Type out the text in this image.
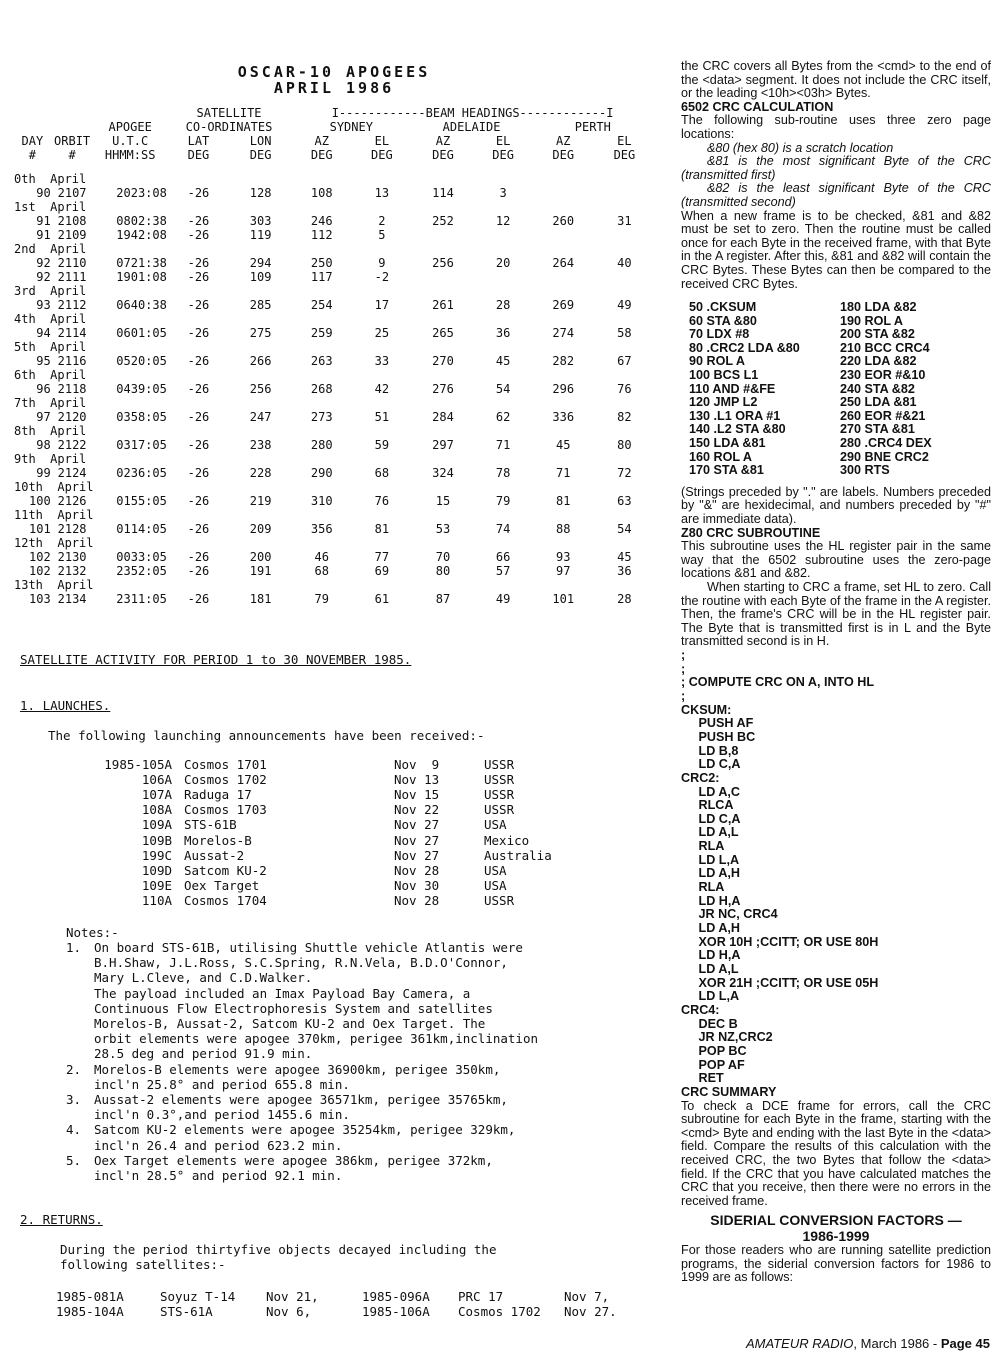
OSCAR-10 APOGEES
APRIL 1986
			SATELLITE		I------------BEAM HEADINGS------------I					
		APOGEE	CO-ORDINATES		SYDNEY		ADELAIDE		PERTH	
DAY	ORBIT	U.T.C	LAT	LON	AZ	EL	AZ	EL	AZ	EL
#	#	HHMM:SS	DEG	DEG	DEG	DEG	DEG	DEG	DEG	DEG

0th  April										
90	2107	2023:08	-26	128	108	13	114	3		
1st  April										
91	2108	0802:38	-26	303	246	2	252	12	260	31
91	2109	1942:08	-26	119	112	5				
2nd  April										
92	2110	0721:38	-26	294	250	9	256	20	264	40
92	2111	1901:08	-26	109	117	-2				
3rd  April										
93	2112	0640:38	-26	285	254	17	261	28	269	49
4th  April										
94	2114	0601:05	-26	275	259	25	265	36	274	58
5th  April										
95	2116	0520:05	-26	266	263	33	270	45	282	67
6th  April										
96	2118	0439:05	-26	256	268	42	276	54	296	76
7th  April										
97	2120	0358:05	-26	247	273	51	284	62	336	82
8th  April										
98	2122	0317:05	-26	238	280	59	297	71	45	80
9th  April										
99	2124	0236:05	-26	228	290	68	324	78	71	72
10th  April										
100	2126	0155:05	-26	219	310	76	15	79	81	63
11th  April										
101	2128	0114:05	-26	209	356	81	53	74	88	54
12th  April										
102	2130	0033:05	-26	200	46	77	70	66	93	45
102	2132	2352:05	-26	191	68	69	80	57	97	36
13th  April										
103	2134	2311:05	-26	181	79	61	87	49	101	28
SATELLITE ACTIVITY FOR PERIOD 1 to 30 NOVEMBER 1985.
1. LAUNCHES.
The following launching announcements have been received:-
1985-105A	Cosmos 1701	Nov  9	USSR
106A	Cosmos 1702	Nov 13	USSR
107A	Raduga 17	Nov 15	USSR
108A	Cosmos 1703	Nov 22	USSR
109A	STS-61B	Nov 27	USA
109B	Morelos-B	Nov 27	Mexico
199C	Aussat-2	Nov 27	Australia
109D	Satcom KU-2	Nov 28	USA
109E	Oex Target	Nov 30	USA
110A	Cosmos 1704	Nov 28	USSR
Notes:-
1.	On board STS-61B, utilising Shuttle vehicle Atlantis were
B.H.Shaw, J.L.Ross, S.C.Spring, R.N.Vela, B.D.O'Connor,
Mary L.Cleve, and C.D.Walker.
The payload included an Imax Payload Bay Camera, a
Continuous Flow Electrophoresis System and satellites
Morelos-B, Aussat-2, Satcom KU-2 and Oex Target. The
orbit elements were apogee 370km, perigee 361km,inclination
28.5 deg and period 91.9 min.
2.	Morelos-B elements were apogee 36900km, perigee 350km,
incl'n 25.8° and period 655.8 min.
3.	Aussat-2 elements were apogee 36571km, perigee 35765km,
incl'n 0.3°,and period 1455.6 min.
4.	Satcom KU-2 elements were apogee 35254km, perigee 329km,
incl'n 26.4 and period 623.2 min.
5.	Oex Target elements were apogee 386km, perigee 372km,
incl'n 28.5° and period 92.1 min.
2. RETURNS.
During the period thirtyfive objects decayed including the
following satellites:-
1985-081A	Soyuz T-14	Nov 21,	1985-096A	PRC 17	Nov 7,
1985-104A	STS-61A	Nov 6,	1985-106A	Cosmos 1702	Nov 27.

the CRC covers all Bytes from the <cmd> to the end of the <data> segment. It does not include the CRC itself, or the leading <10h><03h> Bytes.

6502 CRC CALCULATION

The following sub-routine uses three zero page locations:

&80 (hex 80) is a scratch location

&81 is the most significant Byte of the CRC (transmitted first)

&82 is the least significant Byte of the CRC (transmitted second)

When a new frame is to be checked, &81 and &82 must be set to zero. Then the routine must be called once for each Byte in the received frame, with that Byte in the A register. After this, &81 and &82 will contain the CRC Bytes. These Bytes can then be compared to the received CRC Bytes.

50 .CKSUM
60 STA &80
70 LDX #8
80 .CRC2 LDA &80
90 ROL A
100 BCS L1
110 AND #&FE
120 JMP L2
130 .L1 ORA #1
140 .L2 STA &80
150 LDA &81
160 ROL A
170 STA &81
180 LDA &82
190 ROL A
200 STA &82
210 BCC CRC4
220 LDA &82
230 EOR #&10
240 STA &82
250 LDA &81
260 EOR #&21
270 STA &81
280 .CRC4 DEX
290 BNE CRC2
300 RTS

(Strings preceded by "." are labels. Numbers preceded by "&" are hexidecimal, and numbers preceded by "#" are immediate data).

Z80 CRC SUBROUTINE

This subroutine uses the HL register pair in the same way that the 6502 subroutine uses the zero-page locations &81 and &82.

When starting to CRC a frame, set HL to zero. Call the routine with each Byte of the frame in the A register. Then, the frame's CRC will be in the HL register pair. The Byte that is transmitted first is in L and the Byte transmitted second is in H.

;
;
; COMPUTE CRC ON A, INTO HL
;
CKSUM:
PUSH AF
PUSH BC
LD B,8
LD C,A
CRC2:
LD A,C
RLCA
LD C,A
LD A,L
RLA
LD L,A
LD A,H
RLA
LD H,A
JR NC, CRC4
LD A,H
XOR 10H ;CCITT; OR USE 80H
LD H,A
LD A,L
XOR 21H ;CCITT; OR USE 05H
LD L,A
CRC4:
DEC B
JR NZ,CRC2
POP BC
POP AF
RET

CRC SUMMARY

To check a DCE frame for errors, call the CRC subroutine for each Byte in the frame, starting with the <cmd> Byte and ending with the last Byte in the <data> field. Compare the results of this calculation with the received CRC, the two Bytes that follow the <data> field. If the CRC that you have calculated matches the CRC that you receive, then there were no errors in the received frame.

SIDERIAL CONVERSION FACTORS —

1986-1999

For those readers who are running satellite prediction programs, the siderial conversion factors for 1986 to 1999 are as follows:

AMATEUR RADIO, March 1986 - Page 45
